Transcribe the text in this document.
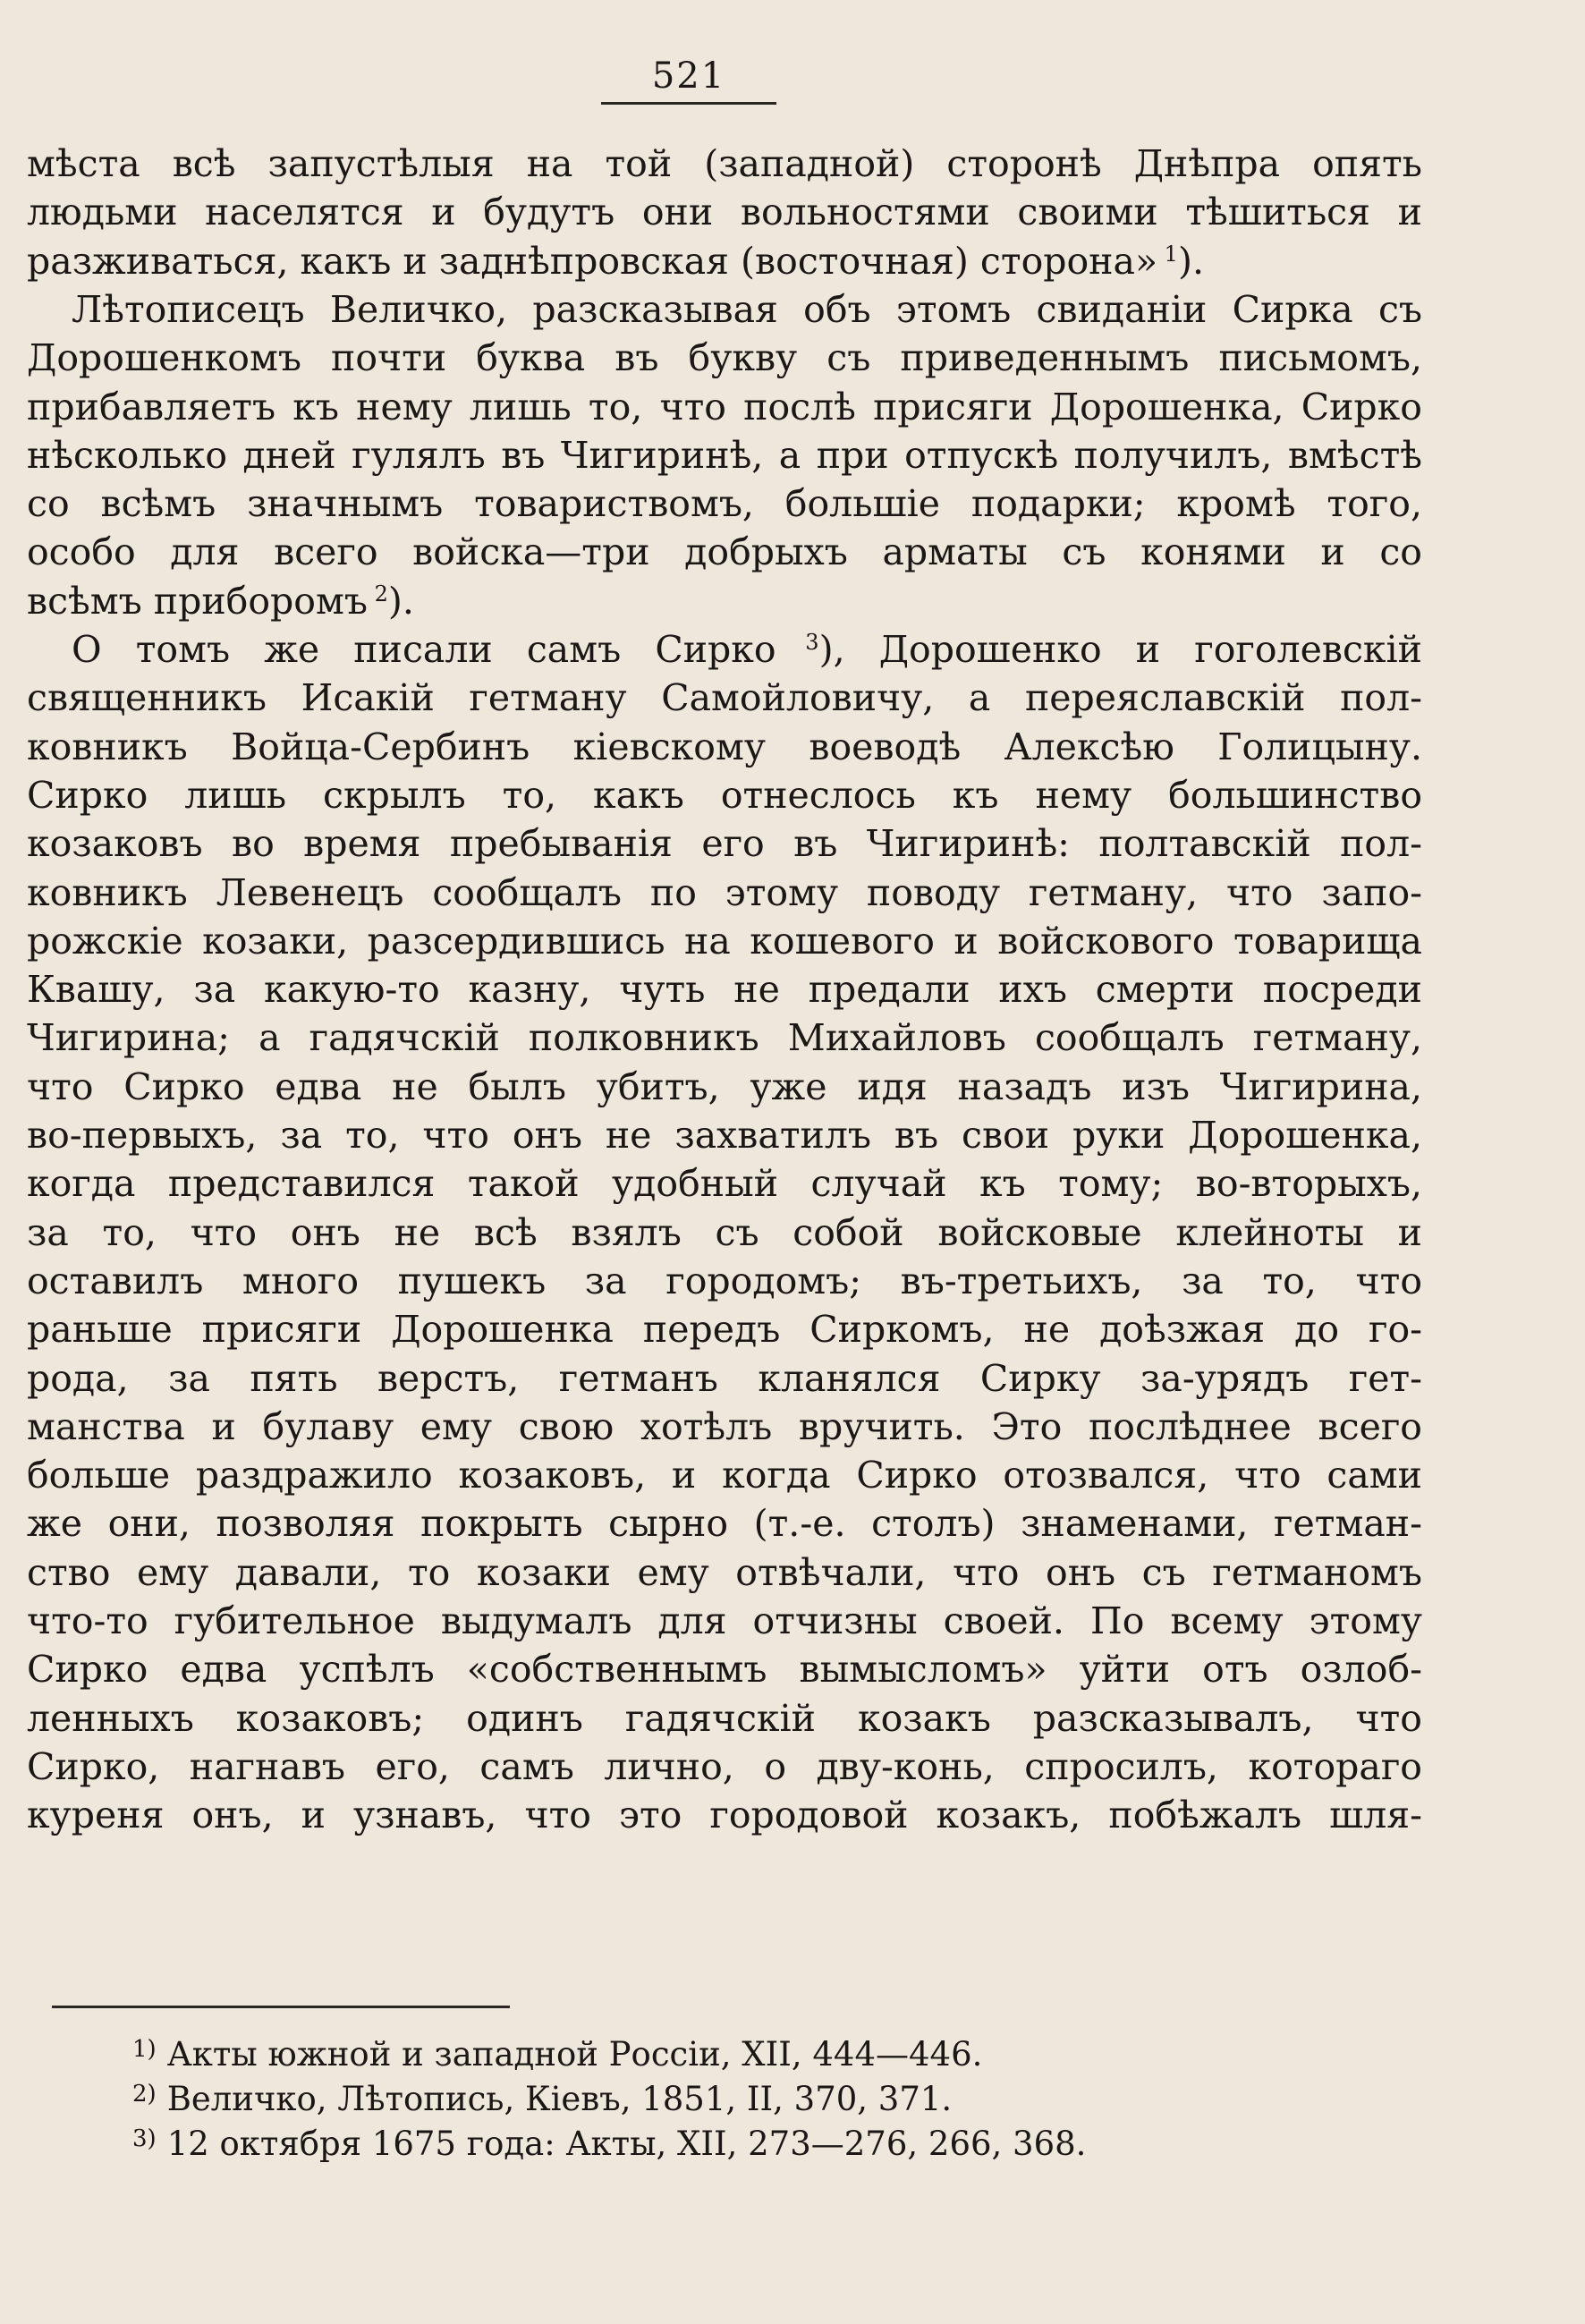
521
мѣста всѣ запустѣлыя на той (западной) сторонѣ Днѣпра опять
людьми населятся и будутъ они вольностями своими тѣшиться и
разживаться, какъ и заднѣпровская (восточная) сторона» $^1$).
Лѣтописецъ Величко, разсказывая объ этомъ свиданіи Сирка съ
Дорошенкомъ почти буква въ букву съ приведеннымъ письмомъ,
прибавляетъ къ нему лишь то, что послѣ присяги Дорошенка, Сирко
нѣсколько дней гулялъ въ Чигиринѣ, а при отпускѣ получилъ, вмѣстѣ
со всѣмъ значнымъ товариствомъ, большіе подарки; кромѣ того,
особо для всего войска—три добрыхъ арматы съ конями и со
всѣмъ приборомъ $^2$).
О томъ же писали самъ Сирко $^3$), Дорошенко и гоголевскій
священникъ Исакій гетману Самойловичу, а переяславскій пол-
ковникъ Войца-Сербинъ кіевскому воеводѣ Алексѣю Голицыну.
Сирко лишь скрылъ то, какъ отнеслось къ нему большинство
козаковъ во время пребыванія его въ Чигиринѣ: полтавскій пол-
ковникъ Левенецъ сообщалъ по этому поводу гетману, что запо-
рожскіе козаки, разсердившись на кошевого и войскового товарища
Квашу, за какую-то казну, чуть не предали ихъ смерти посреди
Чигирина; а гадячскій полковникъ Михайловъ сообщалъ гетману,
что Сирко едва не былъ убитъ, уже идя назадъ изъ Чигирина,
во-первыхъ, за то, что онъ не захватилъ въ свои руки Дорошенка,
когда представился такой удобный случай къ тому; во-вторыхъ,
за то, что онъ не всѣ взялъ съ собой войсковые клейноты и
оставилъ много пушекъ за городомъ; въ-третьихъ, за то, что
раньше присяги Дорошенка передъ Сиркомъ, не доѣзжая до го-
рода, за пять верстъ, гетманъ кланялся Сирку за-урядъ гет-
манства и булаву ему свою хотѣлъ вручить. Это послѣднее всего
больше раздражило козаковъ, и когда Сирко отозвался, что сами
же они, позволяя покрыть сырно (т.-е. столъ) знаменами, гетман-
ство ему давали, то козаки ему отвѣчали, что онъ съ гетманомъ
что-то губительное выдумалъ для отчизны своей. По всему этому
Сирко едва успѣлъ «собственнымъ вымысломъ» уйти отъ озлоб-
ленныхъ козаковъ; одинъ гадячскій козакъ разсказывалъ, что
Сирко, нагнавъ его, самъ лично, о дву-конь, спросилъ, котораго
куреня онъ, и узнавъ, что это городовой козакъ, побѣжалъ шля-
$^{1)}$ Акты южной и западной Россіи, XII, 444—446.
$^{2)}$ Величко, Лѣтопись, Кіевъ, 1851, II, 370, 371.
$^{3)}$ 12 октября 1675 года: Акты, XII, 273—276, 266, 368.
